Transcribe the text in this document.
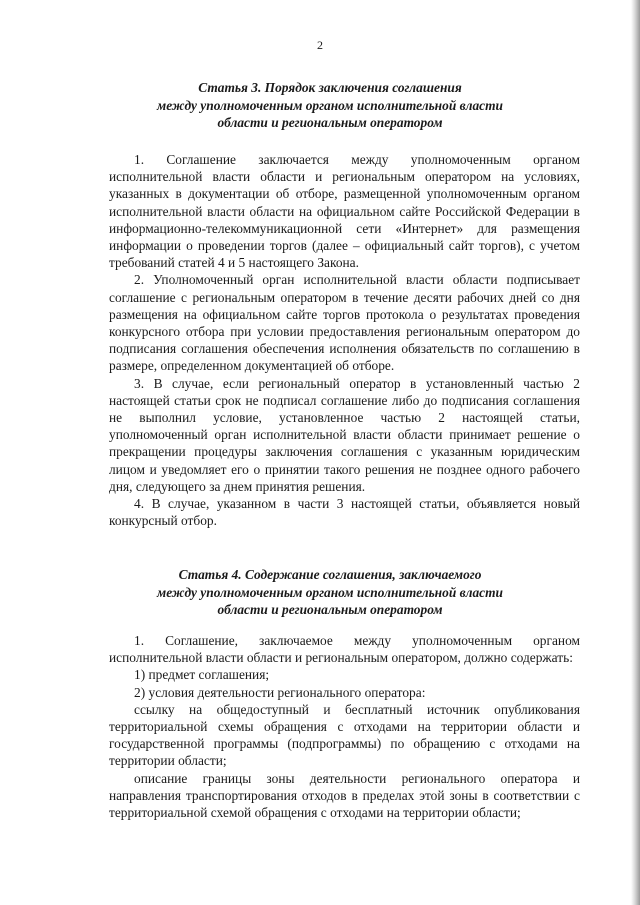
2
Статья 3. Порядок заключения соглашения
между уполномоченным органом исполнительной власти
области и региональным оператором

1. Соглашение заключается между уполномоченным органом исполнительной власти области и региональным оператором на условиях, указанных в документации об отборе, размещенной уполномоченным органом исполнительной власти области на официальном сайте Российской Федерации в информационно-телекоммуникационной сети «Интернет» для размещения информации о проведении торгов (далее – официальный сайт торгов), с учетом требований статей 4 и 5 настоящего Закона.

2. Уполномоченный орган исполнительной власти области подписывает соглашение с региональным оператором в течение десяти рабочих дней со дня размещения на официальном сайте торгов протокола о результатах проведения конкурсного отбора при условии предоставления региональным оператором до подписания соглашения обеспечения исполнения обязательств по соглашению в размере, определенном документацией об отборе.

3. В случае, если региональный оператор в установленный частью 2 настоящей статьи срок не подписал соглашение либо до подписания соглашения не выполнил условие, установленное частью 2 настоящей статьи, уполномоченный орган исполнительной власти области принимает решение о прекращении процедуры заключения соглашения с указанным юридическим лицом и уведомляет его о принятии такого решения не позднее одного рабочего дня, следующего за днем принятия решения.

4. В случае, указанном в части 3 настоящей статьи, объявляется новый конкурсный отбор.

Статья 4. Содержание соглашения, заключаемого
между уполномоченным органом исполнительной власти
области и региональным оператором

1. Соглашение, заключаемое между уполномоченным органом исполнительной власти области и региональным оператором, должно содержать:

1) предмет соглашения;

2) условия деятельности регионального оператора:

ссылку на общедоступный и бесплатный источник опубликования территориальной схемы обращения с отходами на территории области и государственной программы (подпрограммы) по обращению с отходами на территории области;

описание границы зоны деятельности регионального оператора и направления транспортирования отходов в пределах этой зоны в соответствии с территориальной схемой обращения с отходами на территории области;
